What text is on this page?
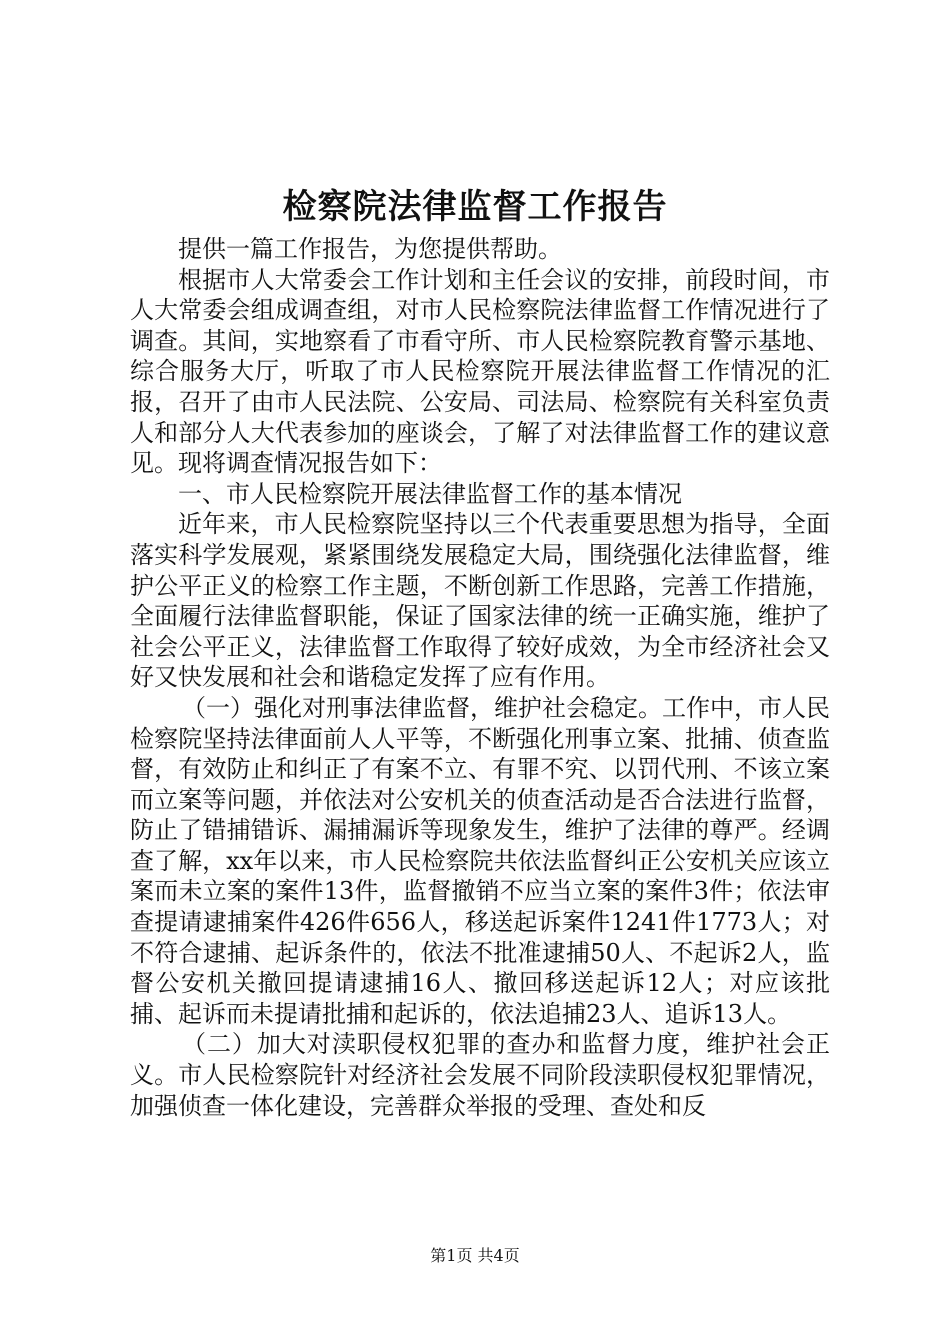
检察院法律监督工作报告

提供一篇工作报告，为您提供帮助。

根据市人大常委会工作计划和主任会议的安排，前段时间，市人大常委会组成调查组，对市人民检察院法律监督工作情况进行了调查。其间，实地察看了市看守所、市人民检察院教育警示基地、综合服务大厅，听取了市人民检察院开展法律监督工作情况的汇报，召开了由市人民法院、公安局、司法局、检察院有关科室负责人和部分人大代表参加的座谈会，了解了对法律监督工作的建议意见。现将调查情况报告如下：

一、市人民检察院开展法律监督工作的基本情况

近年来，市人民检察院坚持以三个代表重要思想为指导，全面落实科学发展观，紧紧围绕发展稳定大局，围绕强化法律监督，维护公平正义的检察工作主题，不断创新工作思路，完善工作措施，全面履行法律监督职能，保证了国家法律的统一正确实施，维护了社会公平正义，法律监督工作取得了较好成效，为全市经济社会又好又快发展和社会和谐稳定发挥了应有作用。

（一）强化对刑事法律监督，维护社会稳定。工作中，市人民检察院坚持法律面前人人平等，不断强化刑事立案、批捕、侦查监督，有效防止和纠正了有案不立、有罪不究、以罚代刑、不该立案而立案等问题，并依法对公安机关的侦查活动是否合法进行监督，防止了错捕错诉、漏捕漏诉等现象发生，维护了法律的尊严。经调查了解，xx年以来，市人民检察院共依法监督纠正公安机关应该立案而未立案的案件13件，监督撤销不应当立案的案件3件；依法审查提请逮捕案件426件656人，移送起诉案件1241件1773人；对不符合逮捕、起诉条件的，依法不批准逮捕50人、不起诉2人，监督公安机关撤回提请逮捕16人、撤回移送起诉12人；对应该批捕、起诉而未提请批捕和起诉的，依法追捕23人、追诉13人。

（二）加大对渎职侵权犯罪的查办和监督力度，维护社会正义。市人民检察院针对经济社会发展不同阶段渎职侵权犯罪情况，加强侦查一体化建设，完善群众举报的受理、查处和反

第1页 共4页
